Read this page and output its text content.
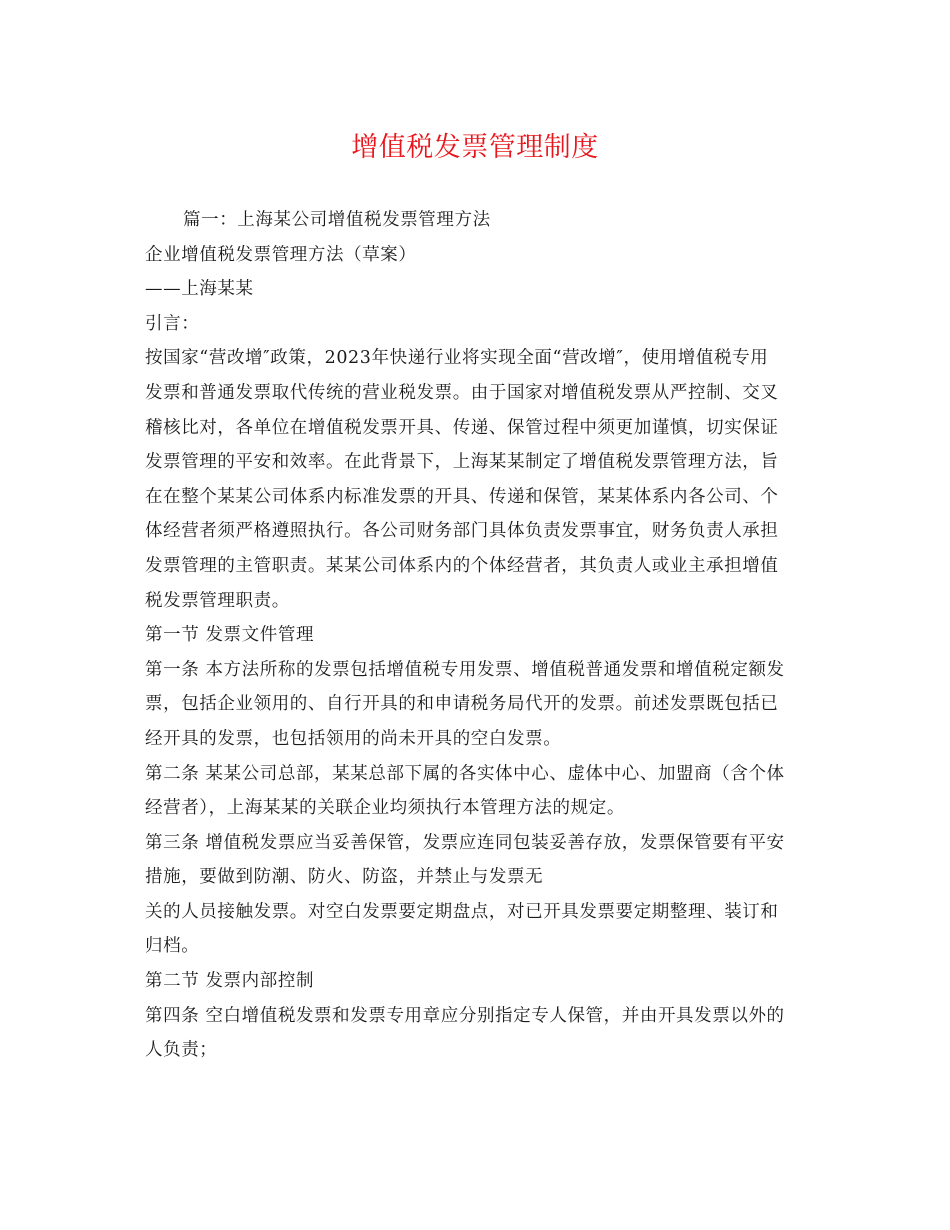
增值税发票管理制度
篇一：上海某公司增值税发票管理方法
企业增值税发票管理方法（草案）
——上海某某
引言：
按国家“营改增″政策，2023年快递行业将实现全面“营改增″，使用增值税专用
发票和普通发票取代传统的营业税发票。由于国家对增值税发票从严控制、交叉
稽核比对，各单位在增值税发票开具、传递、保管过程中须更加谨慎，切实保证
发票管理的平安和效率。在此背景下，上海某某制定了增值税发票管理方法，旨
在在整个某某公司体系内标准发票的开具、传递和保管，某某体系内各公司、个
体经营者须严格遵照执行。各公司财务部门具体负责发票事宜，财务负责人承担
发票管理的主管职责。某某公司体系内的个体经营者，其负责人或业主承担增值
税发票管理职责。
第一节 发票文件管理
第一条 本方法所称的发票包括增值税专用发票、增值税普通发票和增值税定额发
票，包括企业领用的、自行开具的和申请税务局代开的发票。前述发票既包括已
经开具的发票，也包括领用的尚未开具的空白发票。
第二条 某某公司总部，某某总部下属的各实体中心、虚体中心、加盟商（含个体
经营者），上海某某的关联企业均须执行本管理方法的规定。
第三条 增值税发票应当妥善保管，发票应连同包装妥善存放，发票保管要有平安
措施，要做到防潮、防火、防盗，并禁止与发票无
关的人员接触发票。对空白发票要定期盘点，对已开具发票要定期整理、装订和
归档。
第二节 发票内部控制
第四条 空白增值税发票和发票专用章应分别指定专人保管，并由开具发票以外的
人负责；
